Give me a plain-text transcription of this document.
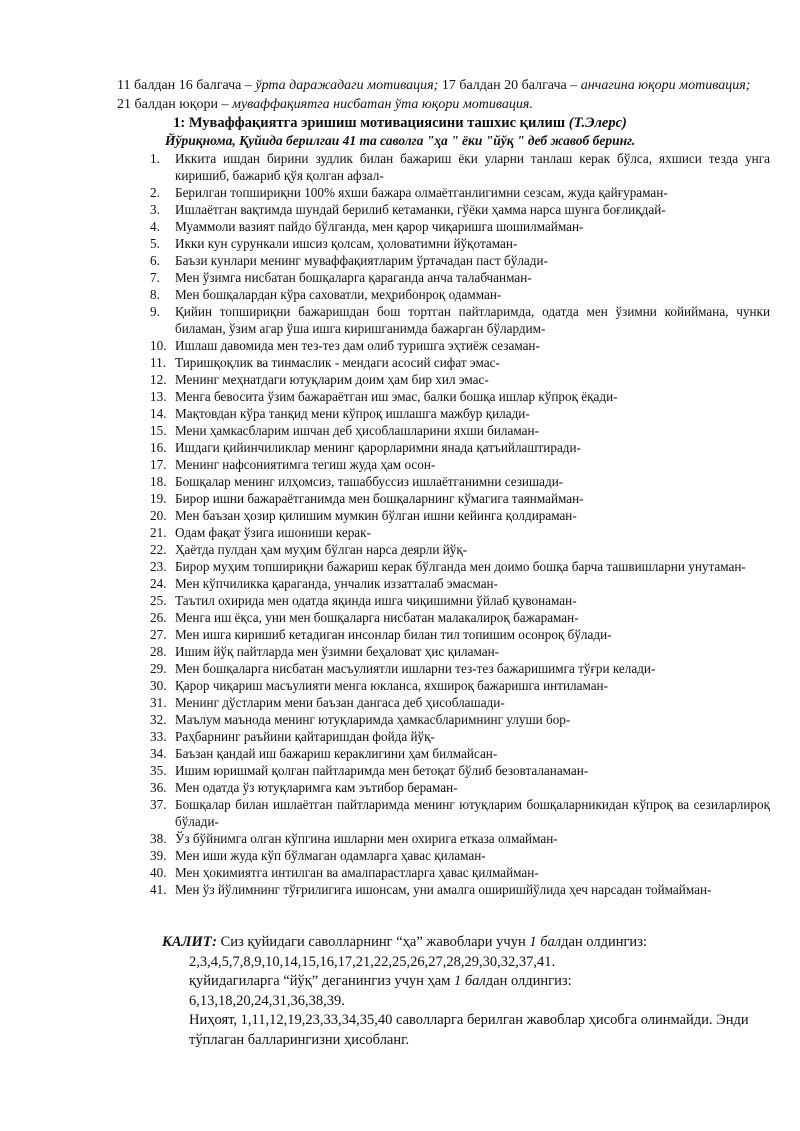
11 балдан 16 балгача – ўрта даражадаги мотивация; 17 балдан 20 балгача – анчагина юқори мотивация; 21 балдан юқори – муваффақиятга нисбатан ўта юқори мотивация.
1: Муваффақиятга эришиш мотивациясини ташхис қилиш (Т.Элерс)
Йўриқнома, Қуйида берилгаи 41 та саволга "ҳа " ёки "йўқ " деб жавоб беринг.
1.	Иккита ишдан бирини зудлик билан бажариш ёки уларни танлаш керак бўлса, яхшиси тезда унга киришиб, бажариб қўя қолган афзал-
2.	Берилган топшириқни 100% яхши бажара олмаётганлигимни сезсам, жуда қайғураман-
3.	Ишлаётган вақтимда шундай берилиб кетаманки, гўёки ҳамма нарса шунга боғлиқдай-
4.	Муаммоли вазият пайдо бўлганда, мен қарор чиқаришга шошилмайман-
5.	Икки кун сурункали ишсиз қолсам, ҳоловатимни йўқотаман-
6.	Баъзи кунлари менинг муваффақиятларим ўртачадан паст бўлади-
7.	Мен ўзимга нисбатан бошқаларга қараганда анча талабчанман-
8.	Мен бошқалардан кўра саховатли, меҳрибонроқ одамман-
9.	Қийин топшириқни бажаришдан бош тортган пайтларимда, одатда мен ўзимни койиймана, чунки биламан, ўзим агар ўша ишга киришганимда бажарган бўлардим-
10. Ишлаш давомида мен тез-тез дам олиб туришга эҳтиёж сезаман-
11. Тиришқоқлик ва тинмаслик - мендаги асосий сифат эмас-
12. Менинг меҳнатдаги ютуқларим доим ҳам бир хил эмас-
13. Менга бевосита ўзим бажараётган иш эмас, балки бошқа ишлар кўпроқ ёқади-
14. Мақтовдан кўра танқид мени кўпроқ ишлашга мажбур қилади-
15. Мени ҳамкасбларим ишчан деб ҳисоблашларини яхши биламан-
16. Ишдаги қийинчиликлар менинг қарорларимни янада қатъийлаштиради-
17. Менинг нафсониятимга тегиш жуда ҳам осон-
18. Бошқалар менинг илҳомсиз, ташаббуссиз ишлаётганимни сезишади-
19. Бирор ишни бажараётганимда мен бошқаларнинг кўмагига таянмайман-
20. Мен баъзан ҳозир қилишим мумкин бўлган ишни кейинга қолдираман-
21. Одам фақат ўзига ишониши керак-
22. Ҳаётда пулдан ҳам муҳим бўлган нарса деярли йўқ-
23. Бирор муҳим топшириқни бажариш керак бўлганда мен доимо бошқа барча ташвишларни унутаман-
24. Мен кўпчиликка қараганда, унчалик иззатталаб эмасман-
25. Таътил охирида мен одатда яқинда ишга чиқишимни ўйлаб қувонаман-
26. Менга иш ёқса, уни мен бошқаларга нисбатан малакалироқ бажараман-
27. Мен ишга киришиб кетадиган инсонлар билан тил топишим осонроқ бўлади-
28. Ишим йўқ пайтларда мен ўзимни беҳаловат ҳис қиламан-
29. Мен бошқаларга нисбатан масъулиятли ишларни тез-тез бажаришимга тўғри келади-
30. Қарор чиқариш масъулияти менга юкланса, яхшироқ бажаришга интиламан-
31. Менинг дўстларим мени баъзан дангаса деб ҳисоблашади-
32. Маълум маънода менинг ютуқларимда ҳамкасбларимнинг улуши бор-
33. Раҳбарнинг раъйини қайтаришдан фойда йўқ-
34. Баъзан қандай иш бажариш кераклигини ҳам билмайсан-
35. Ишим юришмай қолган пайтларимда мен бетоқат бўлиб безовталанаман-
36. Мен одатда ўз ютуқларимга кам эътибор бераман-
37. Бошқалар билан ишлаётган пайтларимда менинг ютуқларим бошқаларникидан кўпроқ ва сезиларлироқ бўлади-
38. Ўз бўйнимга олган кўпгина ишларни мен охирига етказа олмайман-
39. Мен иши жуда кўп бўлмаган одамларга ҳавас қиламан-
40. Мен ҳокимиятга интилган ва амалпарастларга ҳавас қилмайман-
41. Мен ўз йўлимнинг тўғрилигига ишонсам, уни амалга оширишйўлида ҳеч нарсадан тоймайман-

КАЛИТ: Сиз қуйидаги саволларнинг “ҳа” жавоблари учун 1 балдан олдингиз:

2,3,4,5,7,8,9,10,14,15,16,17,21,22,25,26,27,28,29,30,32,37,41.

қуйидагиларга “йўқ” деганингиз учун ҳам 1 балдан олдингиз:

6,13,18,20,24,31,36,38,39.

Ниҳоят, 1,11,12,19,23,33,34,35,40 саволларга берилган жавоблар ҳисобга олинмайди. Энди тўплаган балларингизни ҳисобланг.
